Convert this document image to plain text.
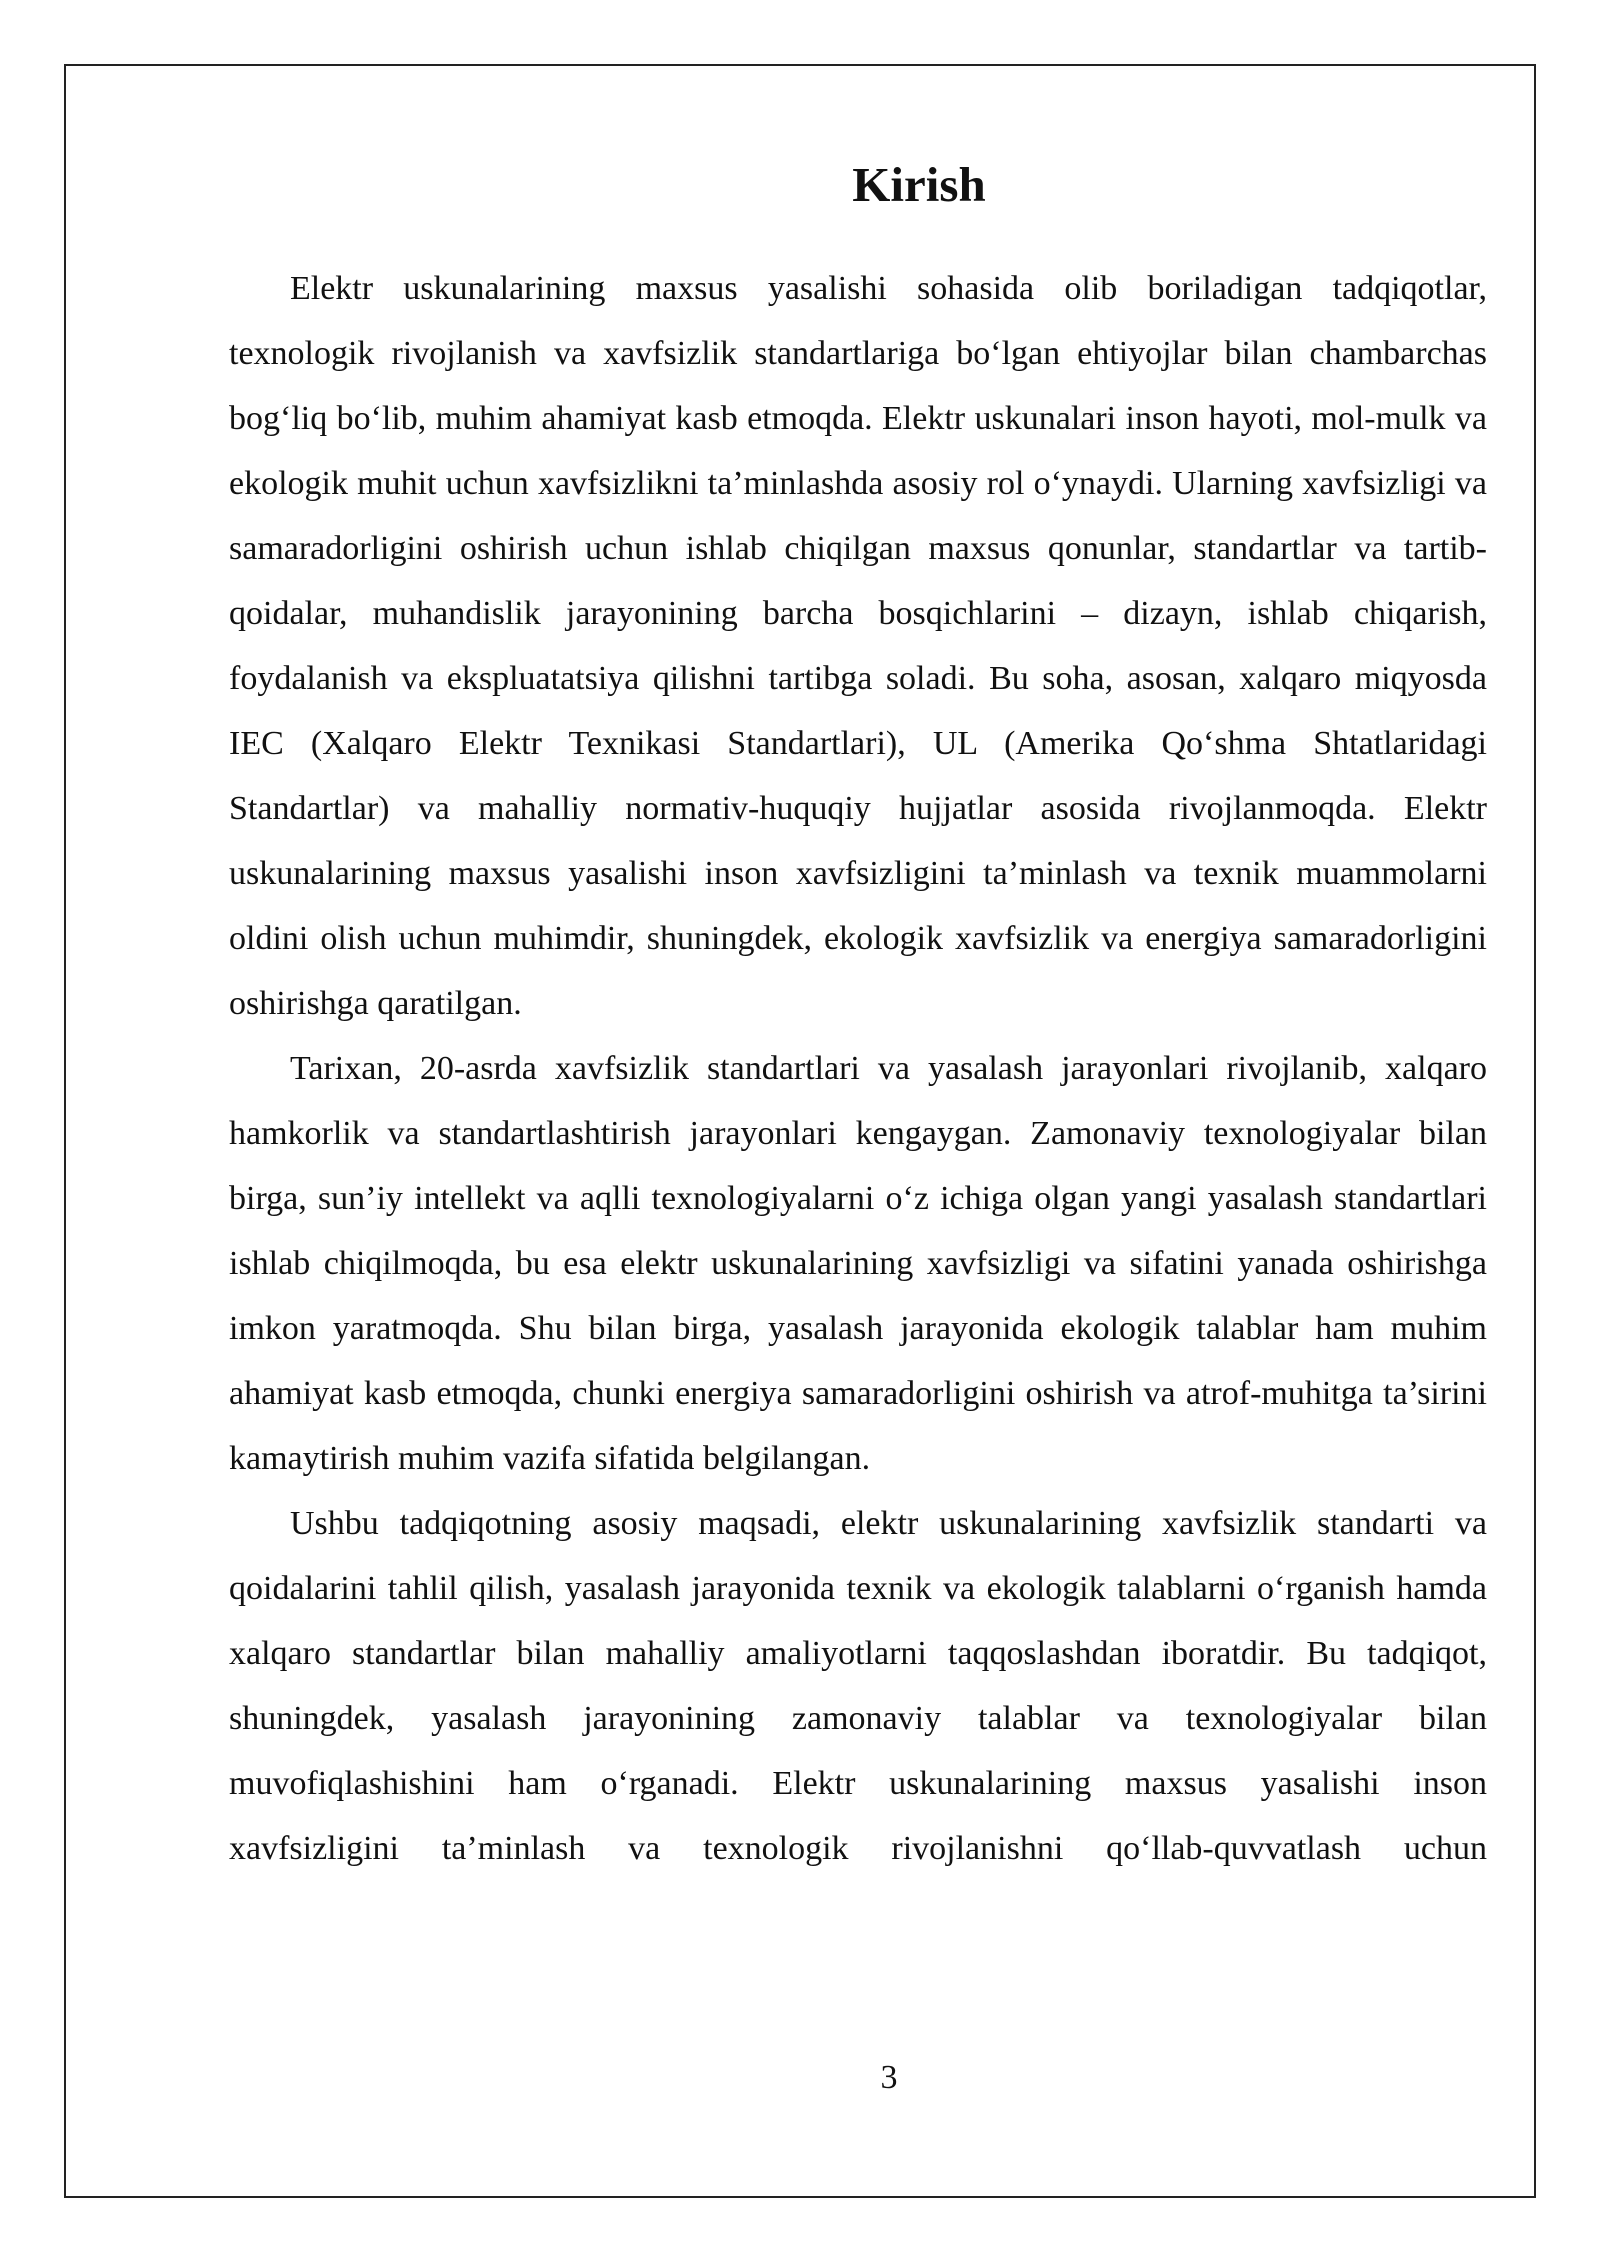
Kirish

Elektr uskunalarining maxsus yasalishi sohasida olib boriladigan tadqiqotlar, texnologik rivojlanish va xavfsizlik standartlariga bo‘lgan ehtiyojlar bilan chambarchas bog‘liq bo‘lib, muhim ahamiyat kasb etmoqda. Elektr uskunalari inson hayoti, mol-mulk va ekologik muhit uchun xavfsizlikni ta’minlashda asosiy rol o‘ynaydi. Ularning xavfsizligi va samaradorligini oshirish uchun ishlab chiqilgan maxsus qonunlar, standartlar va tartib-qoidalar, muhandislik jarayonining barcha bosqichlarini – dizayn, ishlab chiqarish, foydalanish va ekspluatatsiya qilishni tartibga soladi. Bu soha, asosan, xalqaro miqyosda IEC (Xalqaro Elektr Texnikasi Standartlari), UL (Amerika Qo‘shma Shtatlaridagi Standartlar) va mahalliy normativ-huquqiy hujjatlar asosida rivojlanmoqda. Elektr uskunalarining maxsus yasalishi inson xavfsizligini ta’minlash va texnik muammolarni oldini olish uchun muhimdir, shuningdek, ekologik xavfsizlik va energiya samaradorligini oshirishga qaratilgan.

Tarixan, 20-asrda xavfsizlik standartlari va yasalash jarayonlari rivojlanib, xalqaro hamkorlik va standartlashtirish jarayonlari kengaygan. Zamonaviy texnologiyalar bilan birga, sun’iy intellekt va aqlli texnologiyalarni o‘z ichiga olgan yangi yasalash standartlari ishlab chiqilmoqda, bu esa elektr uskunalarining xavfsizligi va sifatini yanada oshirishga imkon yaratmoqda. Shu bilan birga, yasalash jarayonida ekologik talablar ham muhim ahamiyat kasb etmoqda, chunki energiya samaradorligini oshirish va atrof-muhitga ta’sirini kamaytirish muhim vazifa sifatida belgilangan.

Ushbu tadqiqotning asosiy maqsadi, elektr uskunalarining xavfsizlik standarti va qoidalarini tahlil qilish, yasalash jarayonida texnik va ekologik talablarni o‘rganish hamda xalqaro standartlar bilan mahalliy amaliyotlarni taqqoslashdan iboratdir. Bu tadqiqot, shuningdek, yasalash jarayonining zamonaviy talablar va texnologiyalar bilan muvofiqlashishini ham o‘rganadi. Elektr uskunalarining maxsus yasalishi inson xavfsizligini ta’minlash va texnologik rivojlanishni qo‘llab-quvvatlash uchun

3
